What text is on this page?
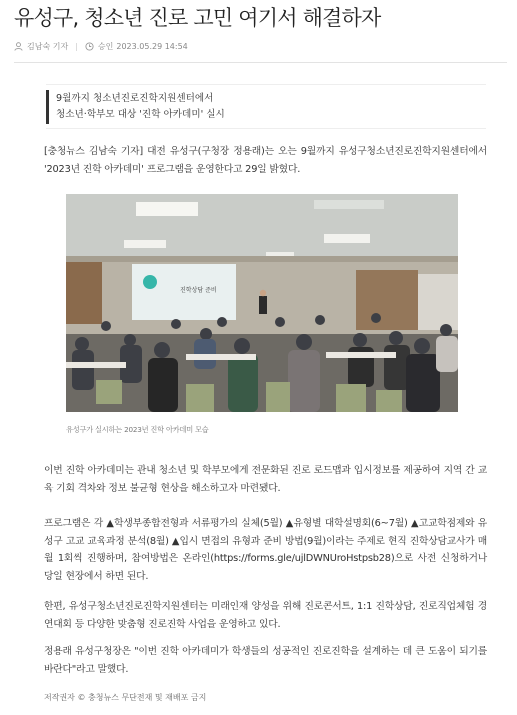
유성구, 청소년 진로 고민 여기서 해결하자
김남숙 기자 |	승인 2023.05.29 14:54
9월까지 청소년진로진학지원센터에서
청소년·학부모 대상 '진학 아카데미' 실시

[충청뉴스 김남숙 기자] 대전 유성구(구청장 정용래)는 오는 9월까지 유성구청소년진로진학지원센터에서 '2023년 진학 아카데미' 프로그램을 운영한다고 29일 밝혔다.

진학상담 준비
유성구가 실시하는 2023년 진학 아카데미 모습

이번 진학 아카데미는 관내 청소년 및 학부모에게 전문화된 진로 로드맵과 입시정보를 제공하여 지역 간 교육 기회 격차와 정보 불균형 현상을 해소하고자 마련됐다.

프로그램은 각 ▲학생부종합전형과 서류평가의 실체(5월) ▲유형별 대학설명회(6~7월) ▲고교학점제와 유성구 고교 교육과정 분석(8월) ▲입시 면접의 유형과 준비 방법(9월)이라는 주제로 현직 진학상담교사가 매월 1회씩 진행하며, 참여방법은 온라인(https://forms.gle/ujlDWNUroHstpsb28)으로 사전 신청하거나 당일 현장에서 하면 된다.

한편, 유성구청소년진로진학지원센터는 미래인재 양성을 위해 진로콘서트, 1:1 진학상담, 진로직업체험 경연대회 등 다양한 맞춤형 진로진학 사업을 운영하고 있다.

정용래 유성구청장은 "이번 진학 아카데미가 학생들의 성공적인 진로진학을 설계하는 데 큰 도움이 되기를 바란다"라고 말했다.

저작권자 © 충청뉴스 무단전재 및 재배포 금지
